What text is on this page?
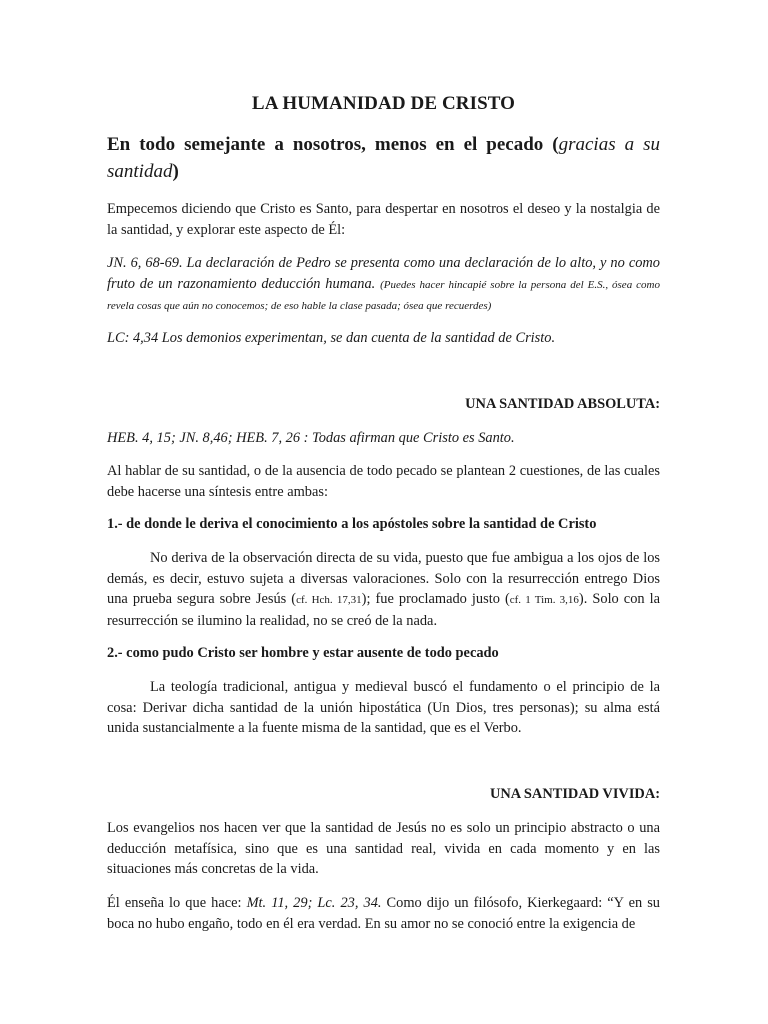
LA HUMANIDAD DE CRISTO
En todo semejante a nosotros, menos en el pecado (gracias a su santidad)

Empecemos diciendo que Cristo es Santo, para despertar en nosotros el deseo y la nostalgia de la santidad, y explorar este aspecto de Él:

JN. 6, 68-69. La declaración de Pedro se presenta como una declaración de lo alto, y no como fruto de un razonamiento deducción humana. (Puedes hacer hincapié sobre la persona del E.S., ósea como revela cosas que aún no conocemos; de eso hable la clase pasada; ósea que recuerdes)

LC: 4,34 Los demonios experimentan, se dan cuenta de la santidad de Cristo.

UNA SANTIDAD ABSOLUTA:

HEB. 4, 15; JN. 8,46; HEB. 7, 26 : Todas afirman que Cristo es Santo.

Al hablar de su santidad, o de la ausencia de todo pecado se plantean 2 cuestiones, de las cuales debe hacerse una síntesis entre ambas:

1.- de donde le deriva el conocimiento a los apóstoles sobre la santidad de Cristo

No deriva de la observación directa de su vida, puesto que fue ambigua a los ojos de los demás, es decir, estuvo sujeta a diversas valoraciones. Solo con la resurrección entrego Dios una prueba segura sobre Jesús (cf. Hch. 17,31); fue proclamado justo (cf. 1 Tim. 3,16). Solo con la resurrección se ilumino la realidad, no se creó de la nada.

2.- como pudo Cristo ser hombre y estar ausente de todo pecado

La teología tradicional, antigua y medieval buscó el fundamento o el principio de la cosa: Derivar dicha santidad de la unión hipostática (Un Dios, tres personas); su alma está unida sustancialmente a la fuente misma de la santidad, que es el Verbo.

UNA SANTIDAD VIVIDA:

Los evangelios nos hacen ver que la santidad de Jesús no es solo un principio abstracto o una deducción metafísica, sino que es una santidad real, vivida en cada momento y en las situaciones más concretas de la vida.

Él enseña lo que hace: Mt. 11, 29; Lc. 23, 34. Como dijo un filósofo, Kierkegaard: “Y en su boca no hubo engaño, todo en él era verdad. En su amor no se conoció entre la exigencia de
